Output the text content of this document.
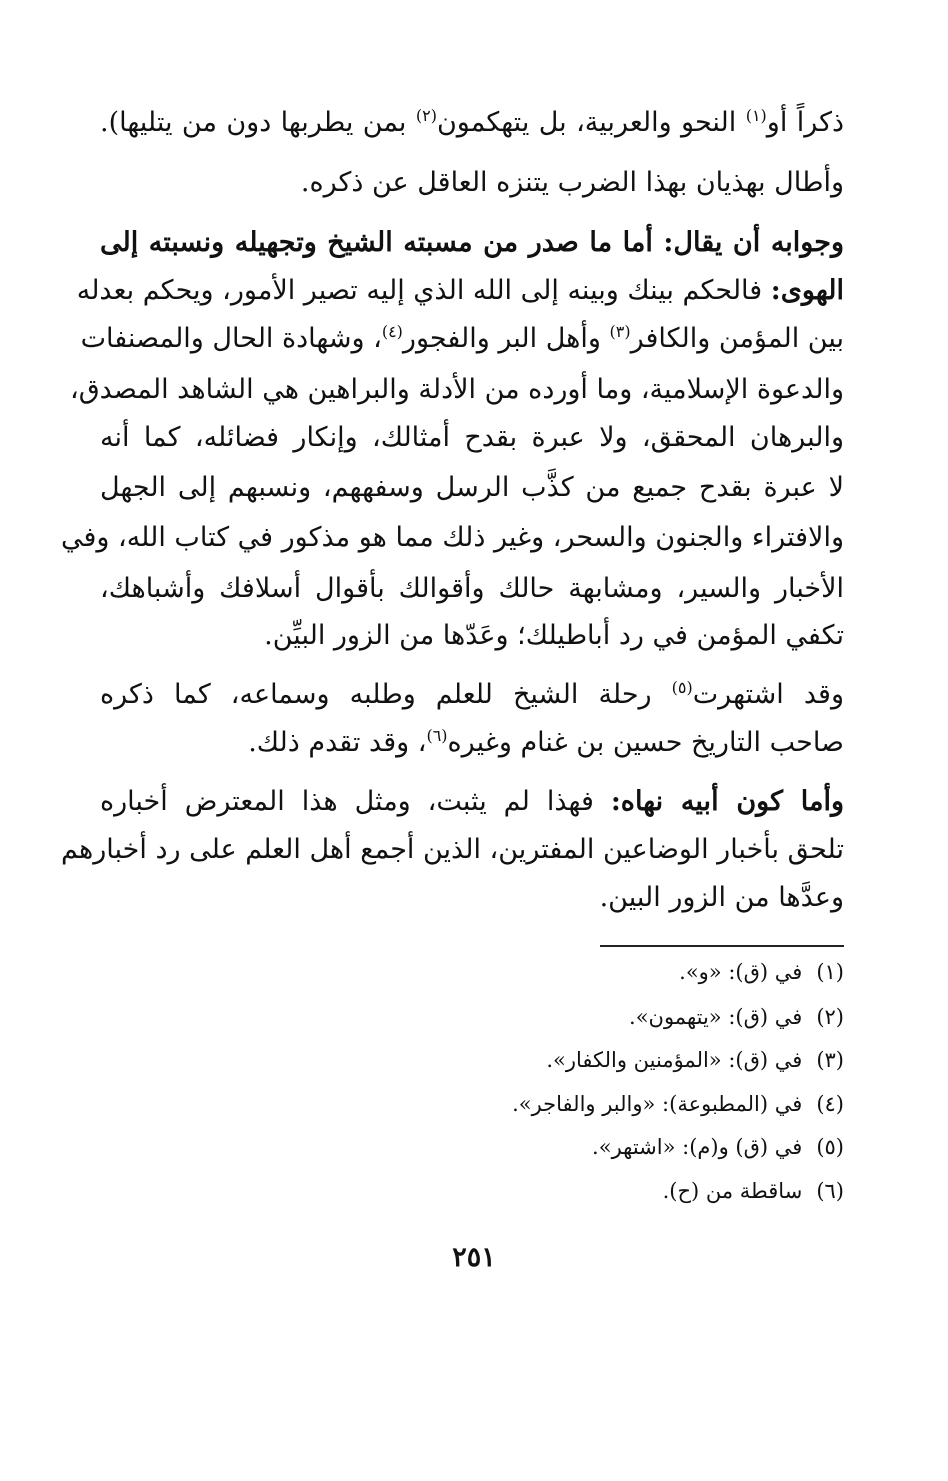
ذكراً أو$^{(١)}$ النحو والعربية، بل يتهكمون$^{(٢)}$ بمن يطربها دون من يتليها).
وأطال بهذيان بهذا الضرب يتنزه العاقل عن ذكره.
وجوابه أن يقال: أما ما صدر من مسبته الشيخ وتجهيله ونسبته إلى
الهوى: فالحكم بينك وبينه إلى الله الذي إليه تصير الأمور، ويحكم بعدله
بين المؤمن والكافر$^{(٣)}$ وأهل البر والفجور$^{(٤)}$، وشهادة الحال والمصنفات
والدعوة الإسلامية، وما أورده من الأدلة والبراهين هي الشاهد المصدق،
والبرهان المحقق، ولا عبرة بقدح أمثالك، وإنكار فضائله، كما أنه
لا عبرة بقدح جميع من كذَّب الرسل وسفههم، ونسبهم إلى الجهل
والافتراء والجنون والسحر، وغير ذلك مما هو مذكور في كتاب الله، وفي
الأخبار والسير، ومشابهة حالك وأقوالك بأقوال أسلافك وأشباهك،
تكفي المؤمن في رد أباطيلك؛ وعَدّها من الزور البيِّن.
وقد اشتهرت$^{(٥)}$ رحلة الشيخ للعلم وطلبه وسماعه، كما ذكره
صاحب التاريخ حسين بن غنام وغيره$^{(٦)}$، وقد تقدم ذلك.
وأما كون أبيه نهاه: فهذا لم يثبت، ومثل هذا المعترض أخباره
تلحق بأخبار الوضاعين المفترين، الذين أجمع أهل العلم على رد أخبارهم
وعدَّها من الزور البين.
(١)في (ق): «و».
(٢)في (ق): «يتهمون».
(٣)في (ق): «المؤمنين والكفار».
(٤)في (المطبوعة): «والبر والفاجر».
(٥)في (ق) و(م): «اشتهر».
(٦)ساقطة من (ح).
٢٥١
